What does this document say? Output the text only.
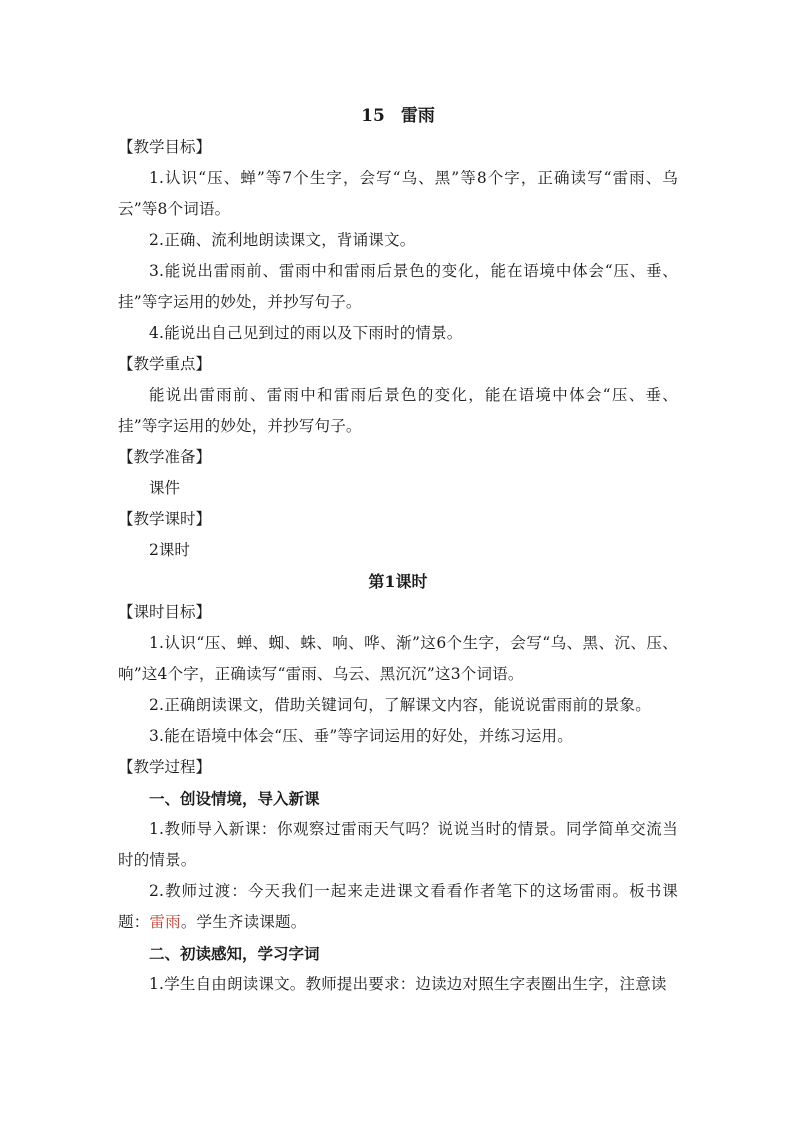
15 雷雨
【教学目标】
1.认识“压、蝉”等7个生字，会写“乌、黑”等8个字，正确读写“雷雨、乌云”等8个词语。
2.正确、流利地朗读课文，背诵课文。
3.能说出雷雨前、雷雨中和雷雨后景色的变化，能在语境中体会“压、垂、挂”等字运用的妙处，并抄写句子。
4.能说出自己见到过的雨以及下雨时的情景。
【教学重点】
能说出雷雨前、雷雨中和雷雨后景色的变化，能在语境中体会“压、垂、挂”等字运用的妙处，并抄写句子。
【教学准备】
课件
【教学课时】
2课时
第1课时
【课时目标】
1.认识“压、蝉、蜘、蛛、响、哗、渐”这6个生字，会写“乌、黑、沉、压、响”这4个字，正确读写“雷雨、乌云、黑沉沉”这3个词语。
2.正确朗读课文，借助关键词句，了解课文内容，能说说雷雨前的景象。
3.能在语境中体会“压、垂”等字词运用的好处，并练习运用。
【教学过程】
一、创设情境，导入新课
1.教师导入新课：你观察过雷雨天气吗？说说当时的情景。同学简单交流当时的情景。
2.教师过渡：今天我们一起来走进课文看看作者笔下的这场雷雨。板书课题：雷雨。学生齐读课题。
二、初读感知，学习字词
1.学生自由朗读课文。教师提出要求：边读边对照生字表圈出生字，注意读
